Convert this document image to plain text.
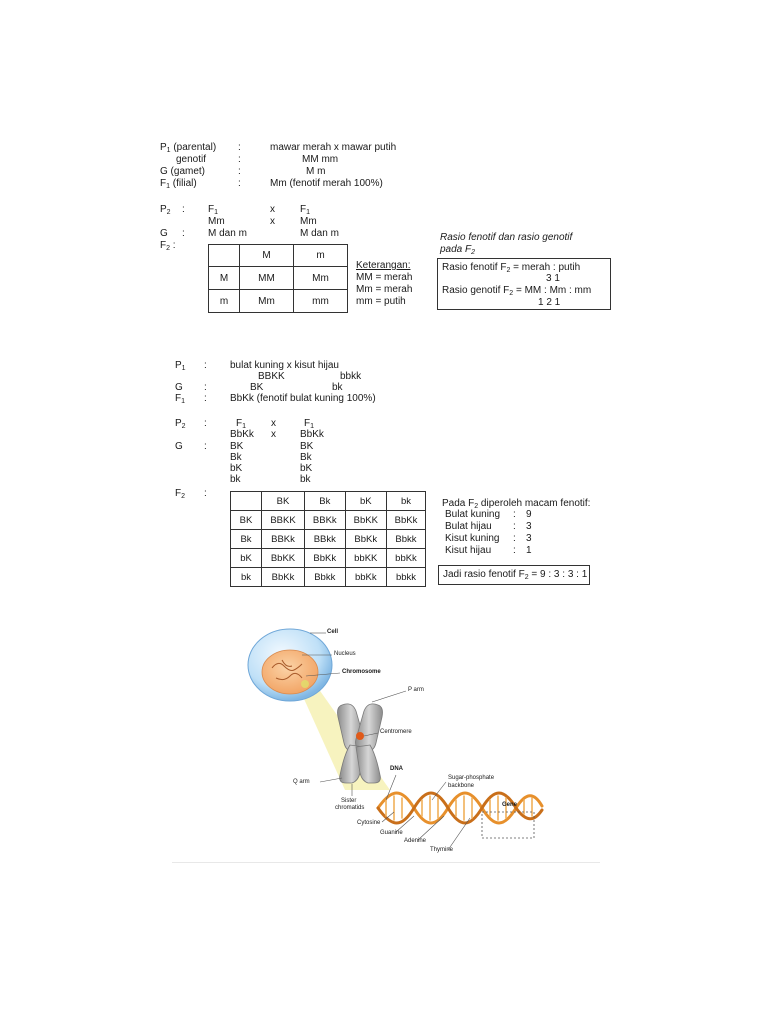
$P_1$ (parental) :	mawar merah x mawar putih
genotif	:	MM mm
G (gamet)	:	M m
$F_1$ (filial)	:	Mm (fenotif merah 100%)
$P_2$ : $F_1$	x	$F_1$
Mm	x	Mm
G : M dan m	M dan m
$F_2$ :
	M	m
M	MM	Mm
m	Mm	mm
Keterangan:
MM = merah
Mm = merah
mm = putih
Rasio fenotif dan rasio genotif
pada $F_2$
Rasio fenotif $F_2$ = merah : putih
3 1
Rasio genotif $F_2$ = MM : Mm : mm
1 2 1
$P_1$ : bulat kuning x kisut hijau
BBKK	bbkk
G :	BK	bk
$F_1$ : BbKk (fenotif bulat kuning 100%)
$P_2$ :	$F_1$ x	$F_1$
BbKk x BbKk
G : BK
Bk
bK
bk
BK
Bk
bK
bk
$F_2$ :
	BK	Bk	bK	bk
BK	BBKK	BBKk	BbKK	BbKk
Bk	BBKk	BBkk	BbKk	Bbkk
bK	BbKK	BbKk	bbKK	bbKk
bk	BbKk	Bbkk	bbKk	bbkk
Pada $F_2$ diperoleh macam fenotif:
Bulat kuning : 9
Bulat hijau : 3
Kisut kuning : 3
Kisut hijau : 1
Jadi rasio fenotif $F_2 = 9$ : 3 : 3 : 1
Cell
Nucleus
Chromosome
P arm
Centromere
DNA
Q arm
Sister
chromatids
Sugar-phosphate
backbone
Gene
Cytosine
Guanine
Adenine
Thymine
